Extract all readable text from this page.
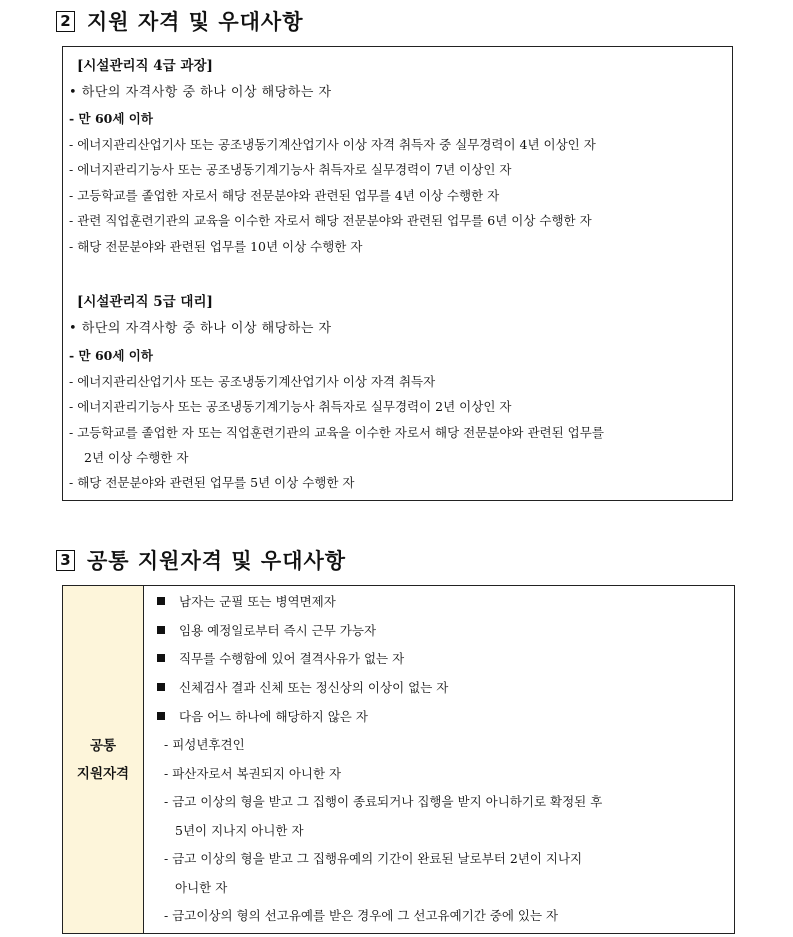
2 지원 자격 및 우대사항
[시설관리직 4급 과장]
• 하단의 자격사항 중 하나 이상 해당하는 자
- 만 60세 이하
- 에너지관리산업기사 또는 공조냉동기계산업기사 이상 자격 취득자 중 실무경력이 4년 이상인 자
- 에너지관리기능사 또는 공조냉동기계기능사 취득자로 실무경력이 7년 이상인 자
- 고등학교를 졸업한 자로서 해당 전문분야와 관련된 업무를 4년 이상 수행한 자
- 관련 직업훈련기관의 교육을 이수한 자로서 해당 전문분야와 관련된 업무를 6년 이상 수행한 자
- 해당 전문분야와 관련된 업무를 10년 이상 수행한 자
[시설관리직 5급 대리]
• 하단의 자격사항 중 하나 이상 해당하는 자
- 만 60세 이하
- 에너지관리산업기사 또는 공조냉동기계산업기사 이상 자격 취득자
- 에너지관리기능사 또는 공조냉동기계기능사 취득자로 실무경력이 2년 이상인 자
- 고등학교를 졸업한 자 또는 직업훈련기관의 교육을 이수한 자로서 해당 전문분야와 관련된 업무를
2년 이상 수행한 자
- 해당 전문분야와 관련된 업무를 5년 이상 수행한 자
3 공통 지원자격 및 우대사항
공통
지원자격
남자는 군필 또는 병역면제자
임용 예정일로부터 즉시 근무 가능자
직무를 수행함에 있어 결격사유가 없는 자
신체검사 결과 신체 또는 정신상의 이상이 없는 자
다음 어느 하나에 해당하지 않은 자
- 피성년후견인
- 파산자로서 복권되지 아니한 자
- 금고 이상의 형을 받고 그 집행이 종료되거나 집행을 받지 아니하기로 확정된 후
5년이 지나지 아니한 자
- 금고 이상의 형을 받고 그 집행유예의 기간이 완료된 날로부터 2년이 지나지
아니한 자
- 금고이상의 형의 선고유예를 받은 경우에 그 선고유예기간 중에 있는 자
